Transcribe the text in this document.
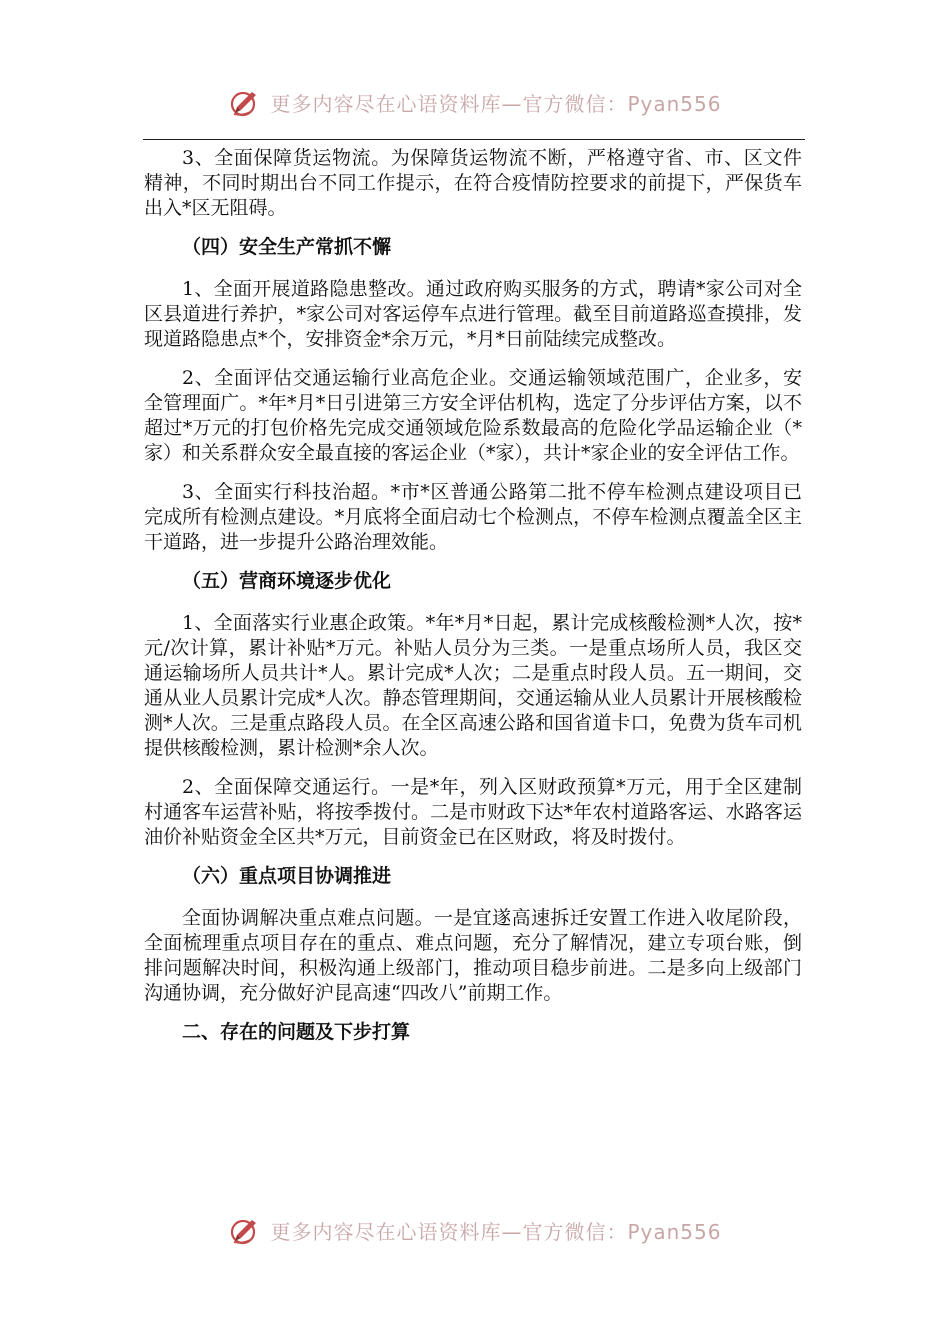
更多内容尽在心语资料库—官方微信：Pyan556

3、全面保障货运物流。为保障货运物流不断，严格遵守省、市、区文件精神，不同时期出台不同工作提示，在符合疫情防控要求的前提下，严保货车出入*区无阻碍。

（四）安全生产常抓不懈

1、全面开展道路隐患整改。通过政府购买服务的方式，聘请*家公司对全区县道进行养护，*家公司对客运停车点进行管理。截至目前道路巡查摸排，发现道路隐患点*个，安排资金*余万元，*月*日前陆续完成整改。

2、全面评估交通运输行业高危企业。交通运输领域范围广，企业多，安全管理面广。*年*月*日引进第三方安全评估机构，选定了分步评估方案，以不超过*万元的打包价格先完成交通领域危险系数最高的危险化学品运输企业（*家）和关系群众安全最直接的客运企业（*家），共计*家企业的安全评估工作。

3、全面实行科技治超。*市*区普通公路第二批不停车检测点建设项目已完成所有检测点建设。*月底将全面启动七个检测点，不停车检测点覆盖全区主干道路，进一步提升公路治理效能。

（五）营商环境逐步优化

1、全面落实行业惠企政策。*年*月*日起，累计完成核酸检测*人次，按*元/次计算，累计补贴*万元。补贴人员分为三类。一是重点场所人员，我区交通运输场所人员共计*人。累计完成*人次；二是重点时段人员。五一期间，交通从业人员累计完成*人次。静态管理期间，交通运输从业人员累计开展核酸检测*人次。三是重点路段人员。在全区高速公路和国省道卡口，免费为货车司机提供核酸检测，累计检测*余人次。

2、全面保障交通运行。一是*年，列入区财政预算*万元，用于全区建制村通客车运营补贴，将按季拨付。二是市财政下达*年农村道路客运、水路客运油价补贴资金全区共*万元，目前资金已在区财政，将及时拨付。

（六）重点项目协调推进

全面协调解决重点难点问题。一是宜遂高速拆迁安置工作进入收尾阶段，全面梳理重点项目存在的重点、难点问题，充分了解情况，建立专项台账，倒排问题解决时间，积极沟通上级部门，推动项目稳步前进。二是多向上级部门沟通协调，充分做好沪昆高速“四改八”前期工作。

二、存在的问题及下步打算
更多内容尽在心语资料库—官方微信：Pyan556
